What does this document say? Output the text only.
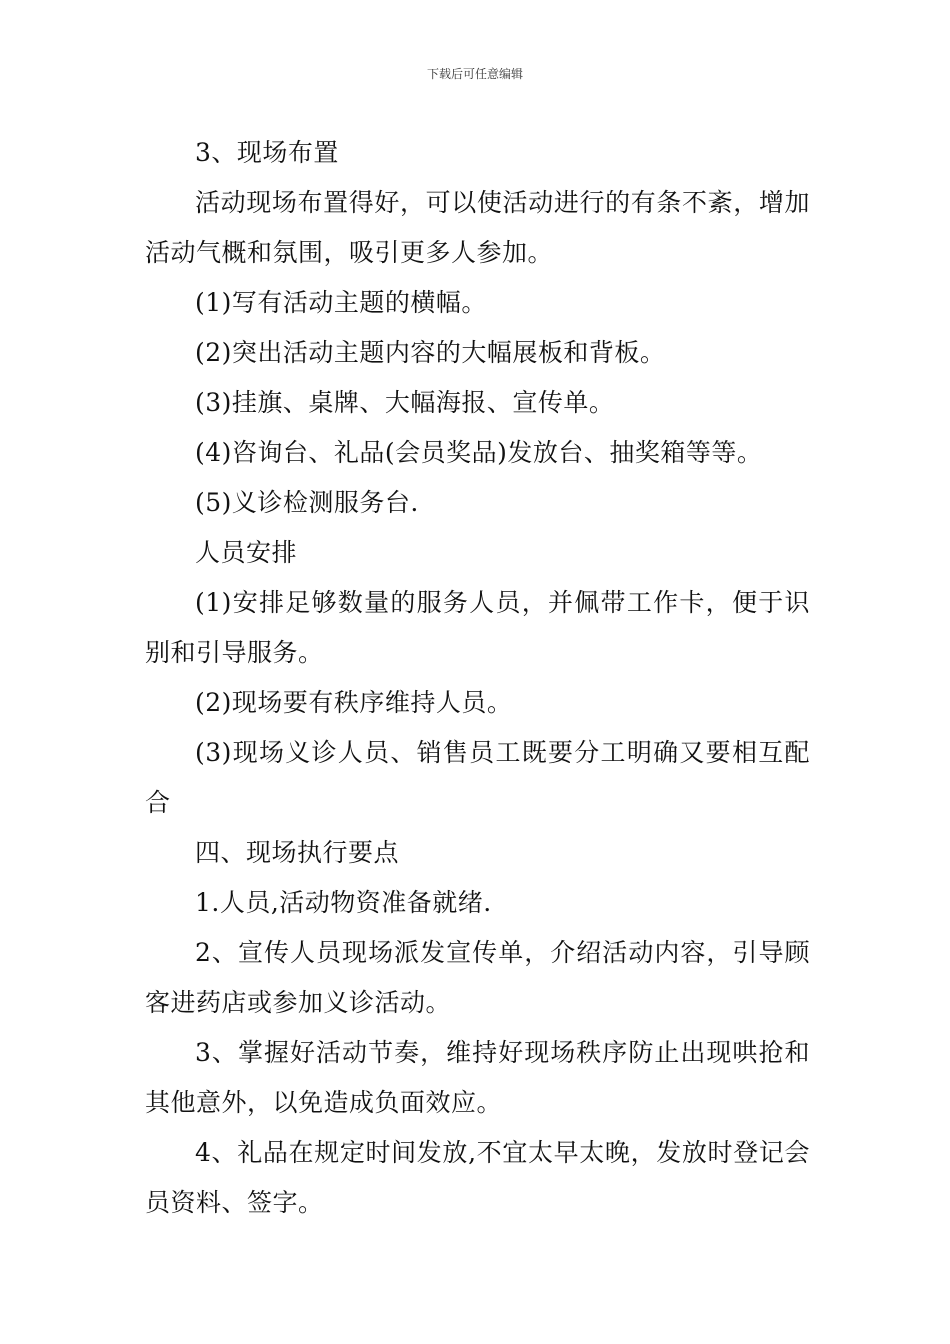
下载后可任意编辑

3、现场布置

活动现场布置得好，可以使活动进行的有条不紊，增加活动气概和氛围，吸引更多人参加。

(1)写有活动主题的横幅。

(2)突出活动主题内容的大幅展板和背板。

(3)挂旗、桌牌、大幅海报、宣传单。

(4)咨询台、礼品(会员奖品)发放台、抽奖箱等等。

(5)义诊检测服务台.

人员安排

(1)安排足够数量的服务人员，并佩带工作卡，便于识别和引导服务。

(2)现场要有秩序维持人员。

(3)现场义诊人员、销售员工既要分工明确又要相互配合

四、现场执行要点

1.人员,活动物资准备就绪.

2、宣传人员现场派发宣传单，介绍活动内容，引导顾客进药店或参加义诊活动。

3、掌握好活动节奏，维持好现场秩序防止出现哄抢和其他意外，以免造成负面效应。

4、礼品在规定时间发放,不宜太早太晚，发放时登记会员资料、签字。
